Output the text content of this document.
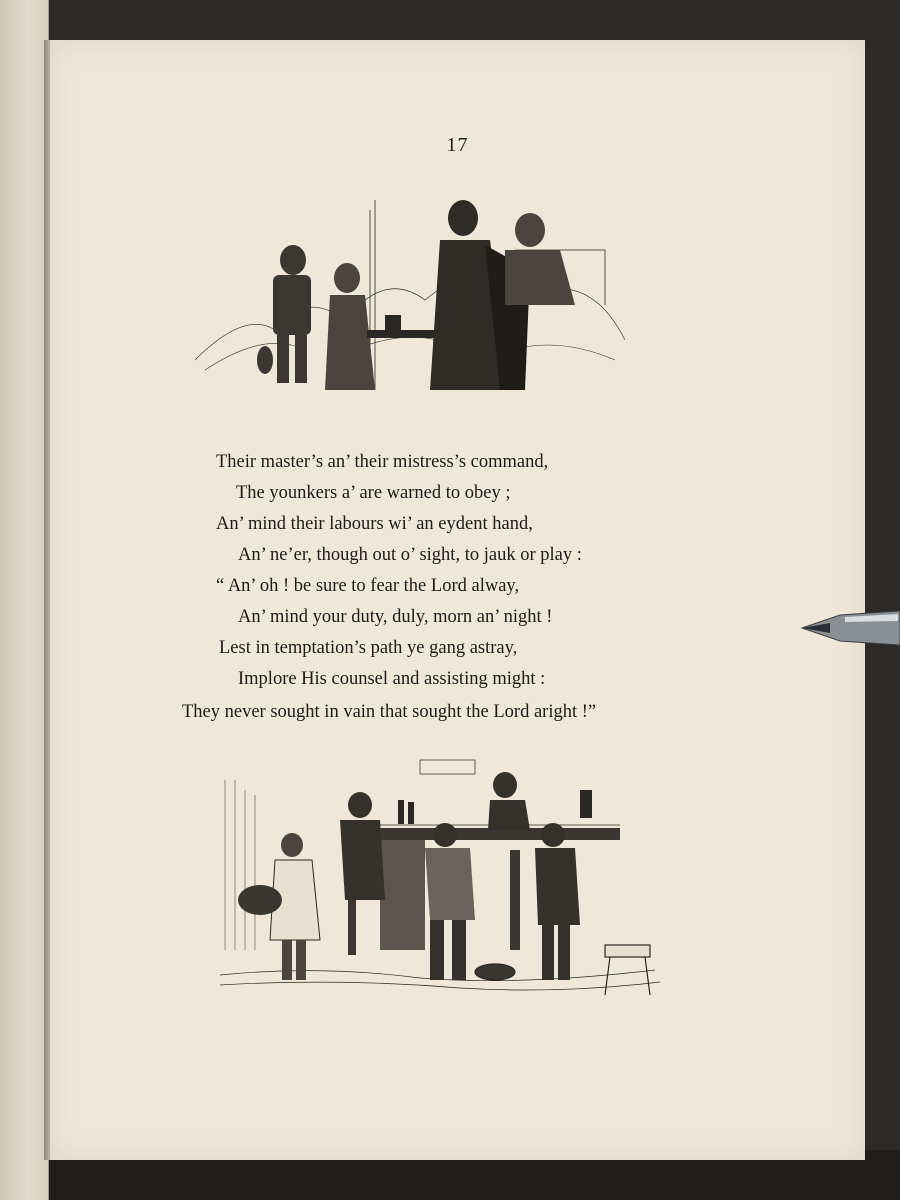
17
Their master’s an’ their mistress’s command,
The younkers a’ are warned to obey ;
An’ mind their labours wi’ an eydent hand,
An’ ne’er, though out o’ sight, to jauk or play :
“ An’ oh ! be sure to fear the Lord alway,
An’ mind your duty, duly, morn an’ night !
Lest in temptation’s path ye gang astray,
Implore His counsel and assisting might :
They never sought in vain that sought the Lord aright !”
